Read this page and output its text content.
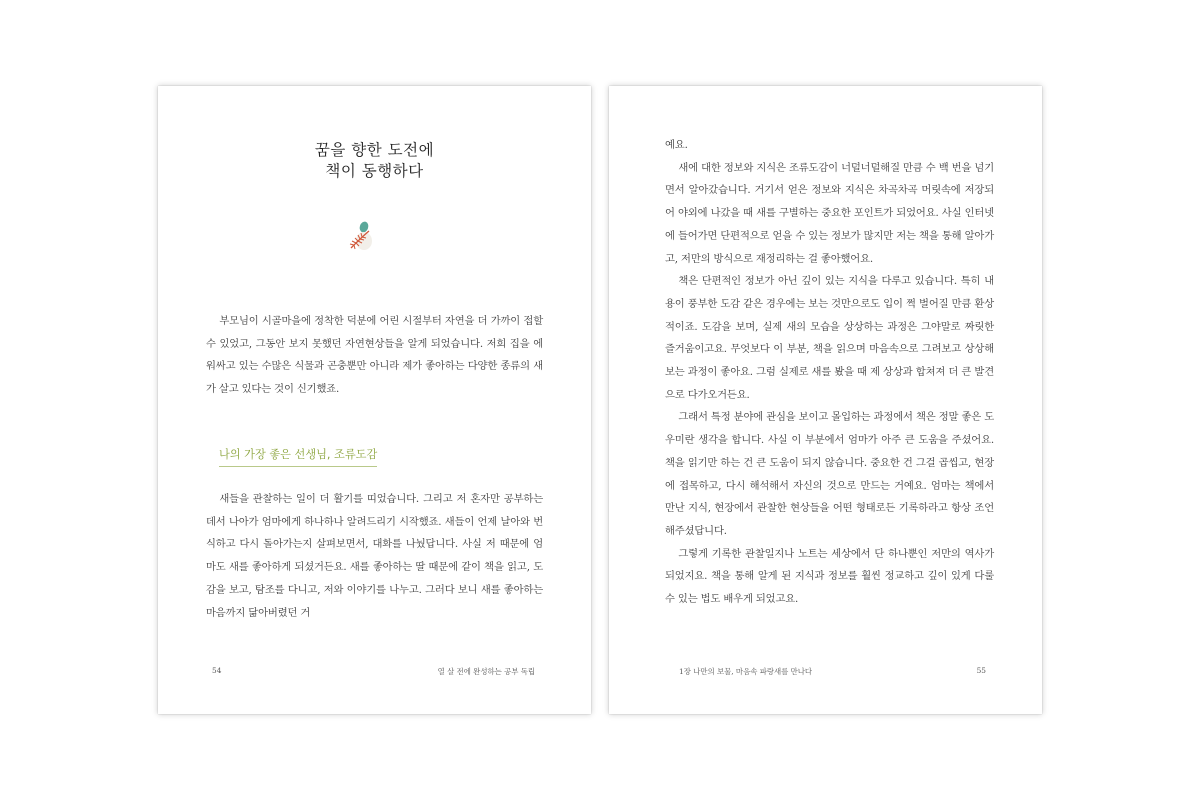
꿈을 향한 도전에
책이 동행하다

부모님이 시골마을에 정착한 덕분에 어린 시절부터 자연을 더 가까이 접할 수 있었고, 그동안 보지 못했던 자연현상들을 알게 되었습니다. 저희 집을 에워싸고 있는 수많은 식물과 곤충뿐만 아니라 제가 좋아하는 다양한 종류의 새가 살고 있다는 것이 신기했죠.

나의 가장 좋은 선생님, 조류도감

새들을 관찰하는 일이 더 활기를 띠었습니다. 그리고 저 혼자만 공부하는 데서 나아가 엄마에게 하나하나 알려드리기 시작했죠. 새들이 언제 날아와 번식하고 다시 돌아가는지 살펴보면서, 대화를 나눴답니다. 사실 저 때문에 엄마도 새를 좋아하게 되셨거든요. 새를 좋아하는 딸 때문에 같이 책을 읽고, 도감을 보고, 탐조를 다니고, 저와 이야기를 나누고. 그러다 보니 새를 좋아하는 마음까지 닮아버렸던 거

54	열 살 전에 완성하는 공부 독립

예요.

새에 대한 정보와 지식은 조류도감이 너덜너덜해질 만큼 수 백 번을 넘기면서 알아갔습니다. 거기서 얻은 정보와 지식은 차곡차곡 머릿속에 저장되어 야외에 나갔을 때 새를 구별하는 중요한 포인트가 되었어요. 사실 인터넷에 들어가면 단편적으로 얻을 수 있는 정보가 많지만 저는 책을 통해 알아가고, 저만의 방식으로 재정리하는 걸 좋아했어요.

책은 단편적인 정보가 아닌 깊이 있는 지식을 다루고 있습니다. 특히 내용이 풍부한 도감 같은 경우에는 보는 것만으로도 입이 쩍 벌어질 만큼 환상적이죠. 도감을 보며, 실제 새의 모습을 상상하는 과정은 그야말로 짜릿한 즐거움이고요. 무엇보다 이 부분, 책을 읽으며 마음속으로 그려보고 상상해보는 과정이 좋아요. 그럼 실제로 새를 봤을 때 제 상상과 합쳐져 더 큰 발견으로 다가오거든요.

그래서 특정 분야에 관심을 보이고 몰입하는 과정에서 책은 정말 좋은 도우미란 생각을 합니다. 사실 이 부분에서 엄마가 아주 큰 도움을 주셨어요. 책을 읽기만 하는 건 큰 도움이 되지 않습니다. 중요한 건 그걸 곱씹고, 현장에 접목하고, 다시 해석해서 자신의 것으로 만드는 거예요. 엄마는 책에서 만난 지식, 현장에서 관찰한 현상들을 어떤 형태로든 기록하라고 항상 조언해주셨답니다.

그렇게 기록한 관찰일지나 노트는 세상에서 단 하나뿐인 저만의 역사가 되었지요. 책을 통해 알게 된 지식과 정보를 훨씬 정교하고 깊이 있게 다룰 수 있는 법도 배우게 되었고요.

1장 나만의 보물, 마음속 파랑새를 만나다	55
